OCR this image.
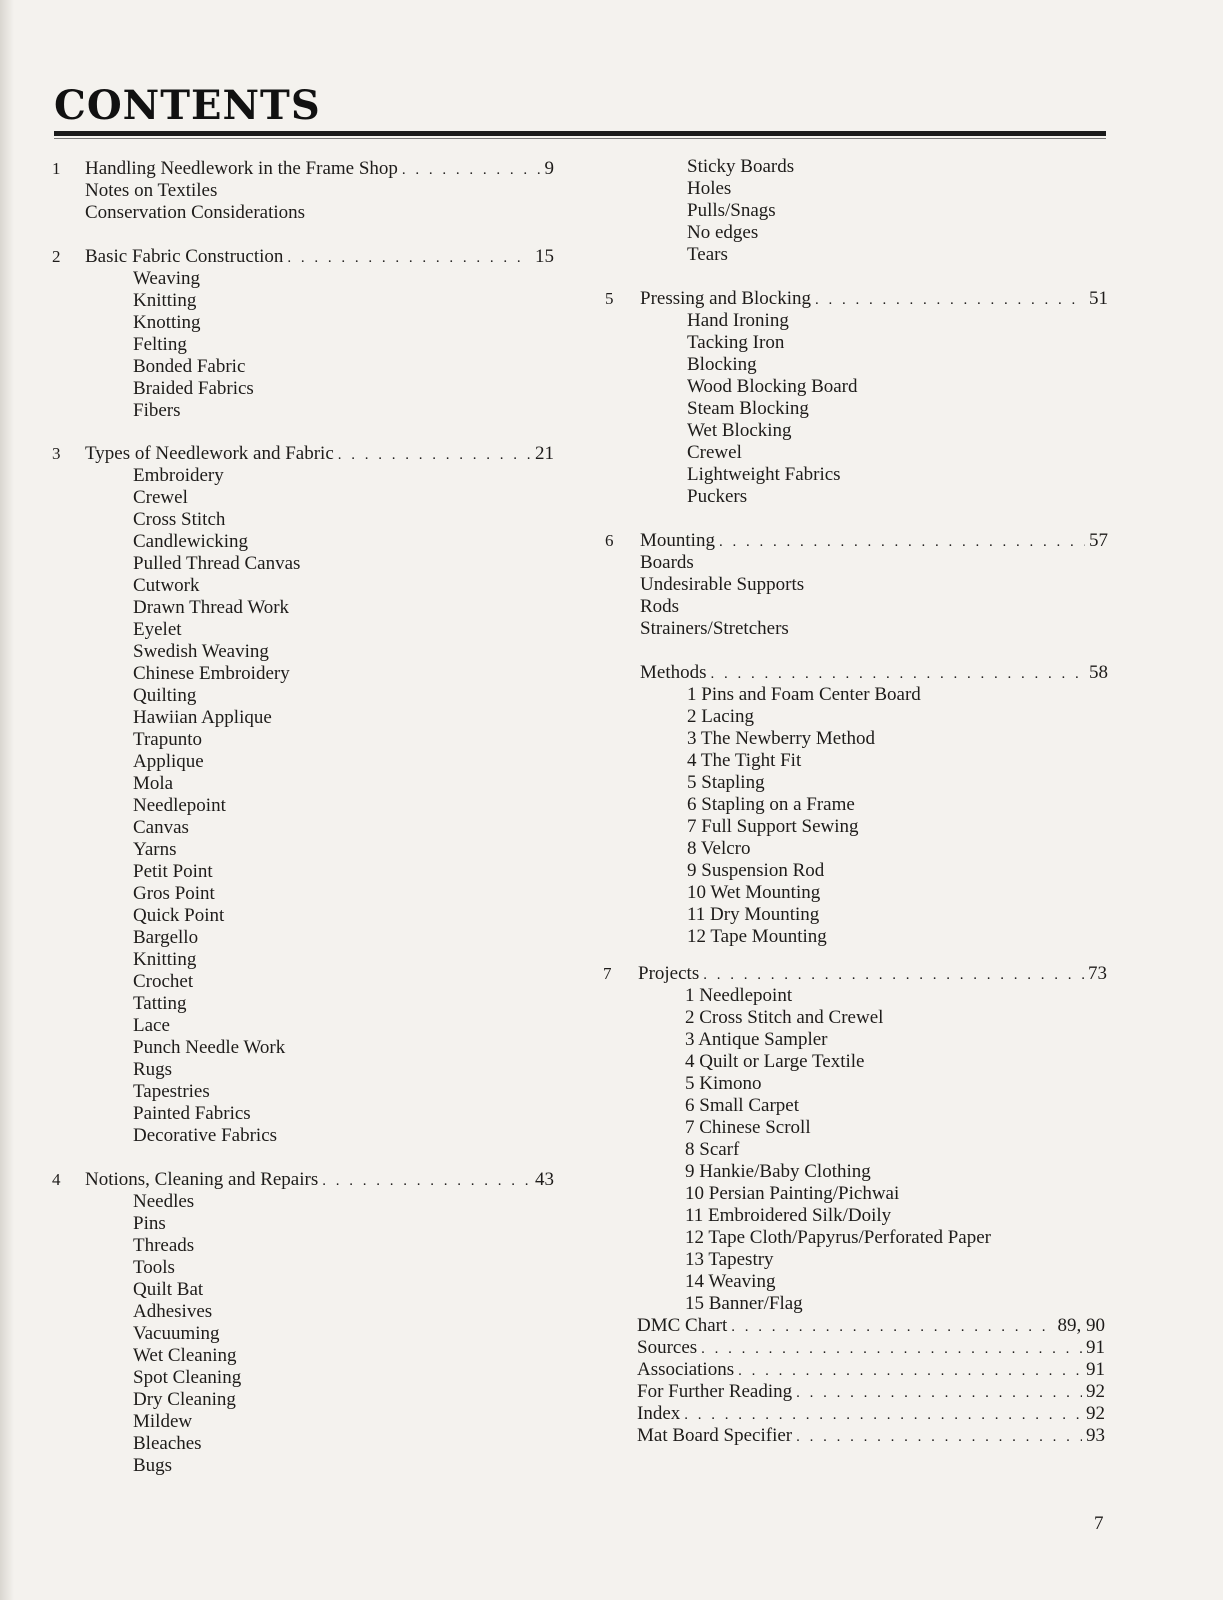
CONTENTS
1 Handling Needlework in the Frame Shop . . .	9
Notes on Textiles
Conservation Considerations
2 Basic Fabric Construction . . .	15
Weaving
Knitting
Knotting
Felting
Bonded Fabric
Braided Fabrics
Fibers
3 Types of Needlework and Fabric . . .	21
Embroidery
Crewel
Cross Stitch
Candlewicking
Pulled Thread Canvas
Cutwork
Drawn Thread Work
Eyelet
Swedish Weaving
Chinese Embroidery
Quilting
Hawiian Applique
Trapunto
Applique
Mola
Needlepoint
Canvas
Yarns
Petit Point
Gros Point
Quick Point
Bargello
Knitting
Crochet
Tatting
Lace
Punch Needle Work
Rugs
Tapestries
Painted Fabrics
Decorative Fabrics
4 Notions, Cleaning and Repairs . . .	43
Needles
Pins
Threads
Tools
Quilt Bat
Adhesives
Vacuuming
Wet Cleaning
Spot Cleaning
Dry Cleaning
Mildew
Bleaches
Bugs
Sticky Boards
Holes
Pulls/Snags
No edges
Tears
5 Pressing and Blocking . . .	51
Hand Ironing
Tacking Iron
Blocking
Wood Blocking Board
Steam Blocking
Wet Blocking
Crewel
Lightweight Fabrics
Puckers
6 Mounting . . .	57
Boards
Undesirable Supports
Rods
Strainers/Stretchers
Methods . . .	58
1 Pins and Foam Center Board
2 Lacing
3 The Newberry Method
4 The Tight Fit
5 Stapling
6 Stapling on a Frame
7 Full Support Sewing
8 Velcro
9 Suspension Rod
10 Wet Mounting
11 Dry Mounting
12 Tape Mounting
7 Projects . . .	73
1 Needlepoint
2 Cross Stitch and Crewel
3 Antique Sampler
4 Quilt or Large Textile
5 Kimono
6 Small Carpet
7 Chinese Scroll
8 Scarf
9 Hankie/Baby Clothing
10 Persian Painting/Pichwai
11 Embroidered Silk/Doily
12 Tape Cloth/Papyrus/Perforated Paper
13 Tapestry
14 Weaving
15 Banner/Flag
DMC Chart . . .	89, 90
Sources . . .	91
Associations . . .	91
For Further Reading . . .	92
Index . . .	92
Mat Board Specifier . . .	93
7
